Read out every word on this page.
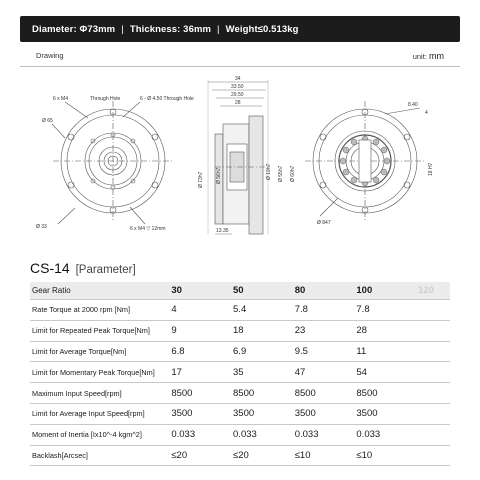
Diameter: Φ73mm | Thickness: 36mm | Weight≤0.513kg
Drawing	unit: mm
6 x M4	Through Hole	6 - Ø 4.50 Through Hole
Ø 65
Ø 33	6 x M4 ▽ 12mm
34
33.50
29.50
28
13.35
Ø 73h7 Ø 56h7	Ø 19h7 Ø 55h7 Ø 60h7
8.40
4
18 H7
Ø 847
CS-14 [Parameter]
Gear Ratio	30	50	80	100	120
Rate Torque at 2000 rpm [Nm]	4	5.4	7.8	7.8	
Limit for Repeated Peak Torque[Nm]	9	18	23	28	
Limit for Average Torque[Nm]	6.8	6.9	9.5	11	
Limit for Momentary Peak Torque[Nm]	17	35	47	54	
Maximum Input Speed[rpm]	8500	8500	8500	8500	
Limit for Average Input Speed[rpm]	3500	3500	3500	3500	
Moment of Inertia [Ix10^-4 kgm^2]	0.033	0.033	0.033	0.033	
Backlash[Arcsec]	≤20	≤20	≤10	≤10	
